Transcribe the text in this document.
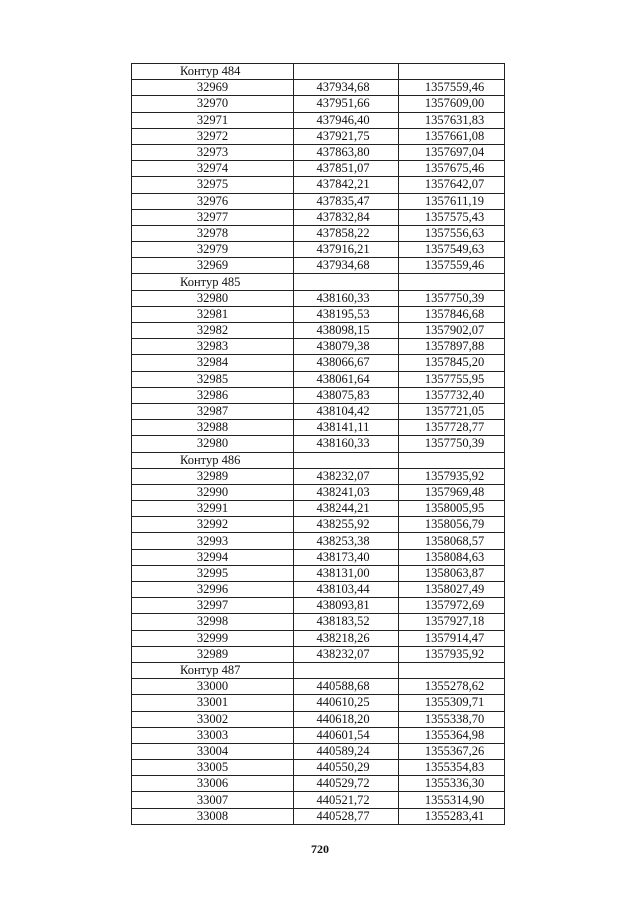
Контур 484		
32969	437934,68	1357559,46
32970	437951,66	1357609,00
32971	437946,40	1357631,83
32972	437921,75	1357661,08
32973	437863,80	1357697,04
32974	437851,07	1357675,46
32975	437842,21	1357642,07
32976	437835,47	1357611,19
32977	437832,84	1357575,43
32978	437858,22	1357556,63
32979	437916,21	1357549,63
32969	437934,68	1357559,46
Контур 485		
32980	438160,33	1357750,39
32981	438195,53	1357846,68
32982	438098,15	1357902,07
32983	438079,38	1357897,88
32984	438066,67	1357845,20
32985	438061,64	1357755,95
32986	438075,83	1357732,40
32987	438104,42	1357721,05
32988	438141,11	1357728,77
32980	438160,33	1357750,39
Контур 486		
32989	438232,07	1357935,92
32990	438241,03	1357969,48
32991	438244,21	1358005,95
32992	438255,92	1358056,79
32993	438253,38	1358068,57
32994	438173,40	1358084,63
32995	438131,00	1358063,87
32996	438103,44	1358027,49
32997	438093,81	1357972,69
32998	438183,52	1357927,18
32999	438218,26	1357914,47
32989	438232,07	1357935,92
Контур 487		
33000	440588,68	1355278,62
33001	440610,25	1355309,71
33002	440618,20	1355338,70
33003	440601,54	1355364,98
33004	440589,24	1355367,26
33005	440550,29	1355354,83
33006	440529,72	1355336,30
33007	440521,72	1355314,90
33008	440528,77	1355283,41
720
